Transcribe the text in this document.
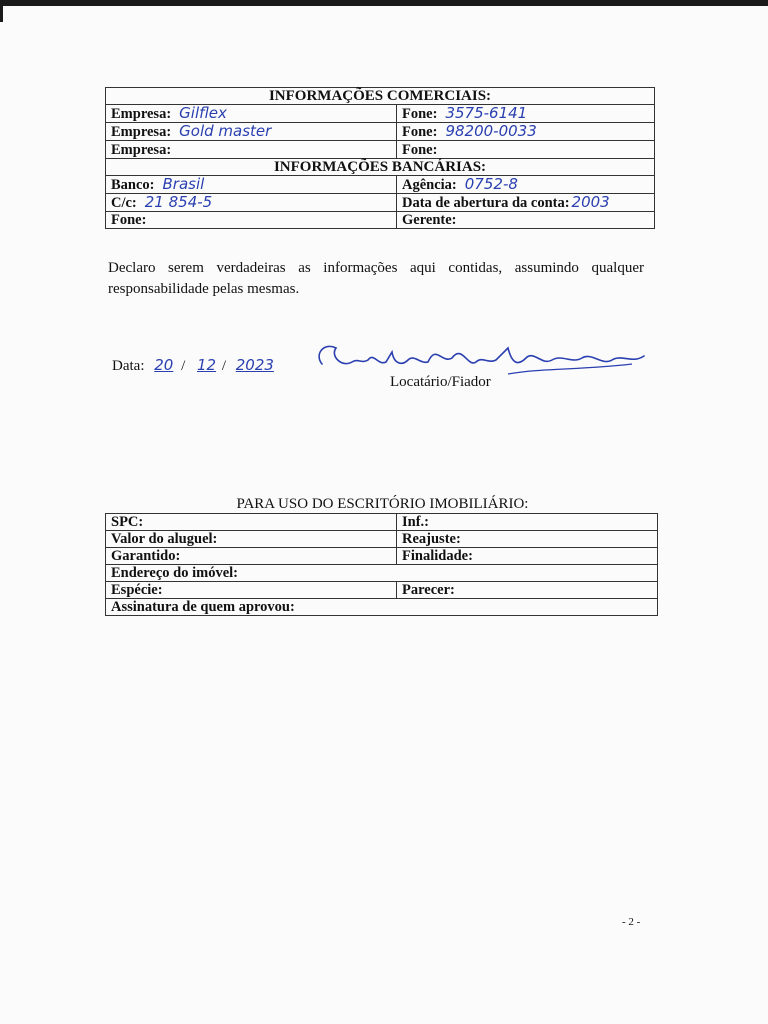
INFORMAÇÕES COMERCIAIS:	
Empresa: Gilflex	Fone: 3575-6141
Empresa: Gold master	Fone: 98200-0033
Empresa:	Fone:
INFORMAÇÕES BANCÁRIAS:	
Banco: Brasil	Agência: 0752-8
C/c: 21 854-5	Data de abertura da conta: 2003
Fone:	Gerente:
Declaro serem verdadeiras as informações aqui contidas, assumindo qualquer responsabilidade pelas mesmas.
Data: 20 / 12 / 2023
Locatário/Fiador
PARA USO DO ESCRITÓRIO IMOBILIÁRIO:
SPC:	Inf.:
Valor do aluguel:	Reajuste:
Garantido:	Finalidade:
Endereço do imóvel:	
Espécie:	Parecer:
Assinatura de quem aprovou:	
- 2 -
